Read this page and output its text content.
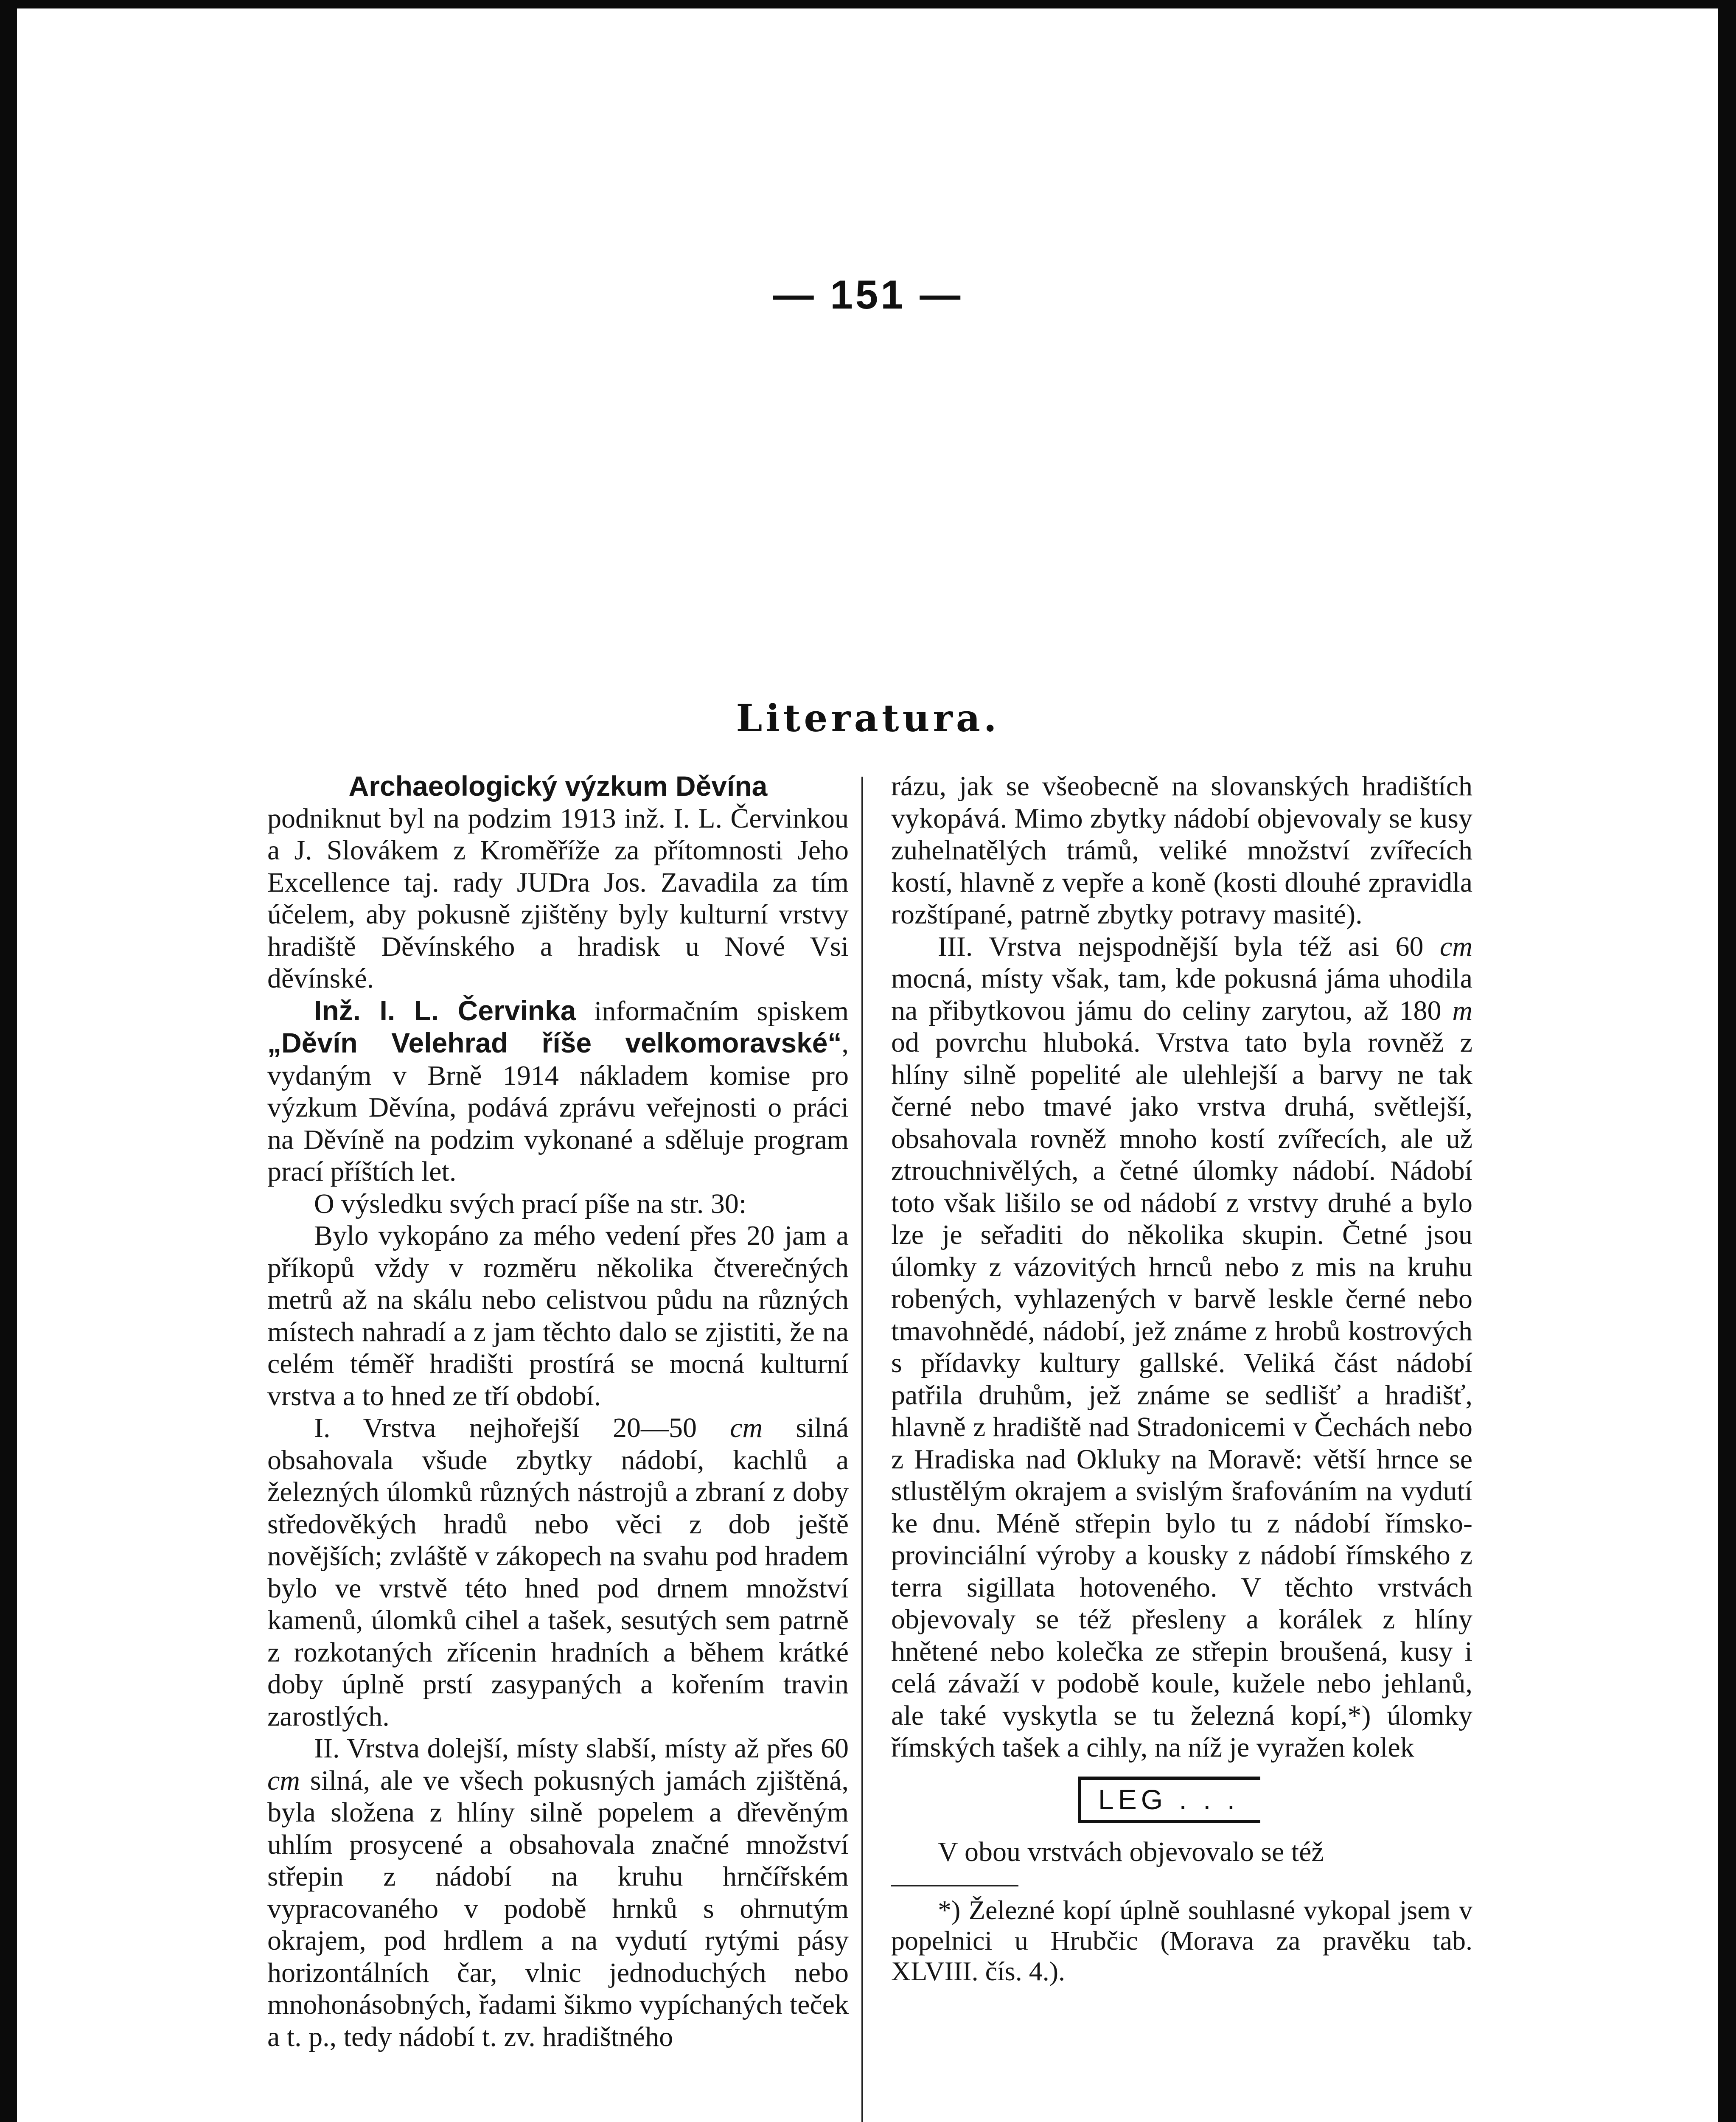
— 151 —
Literatura.

Archaeologický výzkum Děvína

podniknut byl na podzim 1913 inž. I. L. Červinkou a J. Slovákem z Kroměříže za přítomnosti Jeho Excellence taj. rady JUDra Jos. Zavadila za tím účelem, aby pokusně zjištěny byly kulturní vrstvy hradiště Děvínského a hradisk u Nové Vsi děvínské.

Inž. I. L. Červinka informačním spiskem „Děvín Velehrad říše velkomoravské“, vydaným v Brně 1914 nákladem komise pro výzkum Děvína, podává zprávu veřejnosti o práci na Děvíně na podzim vykonané a sděluje program prací příštích let.

O výsledku svých prací píše na str. 30:

Bylo vykopáno za mého vedení přes 20 jam a příkopů vždy v rozměru několika čtverečných metrů až na skálu nebo celistvou půdu na různých místech nahradí a z jam těchto dalo se zjistiti, že na celém téměř hradišti prostírá se mocná kulturní vrstva a to hned ze tří období.

I. Vrstva nejhořejší 20—50 cm silná obsahovala všude zbytky nádobí, kachlů a železných úlomků různých nástrojů a zbraní z doby středověkých hradů nebo věci z dob ještě novějších; zvláště v zákopech na svahu pod hradem bylo ve vrstvě této hned pod drnem množství kamenů, úlomků cihel a tašek, sesutých sem patrně z rozkotaných zřícenin hradních a během krátké doby úplně prstí zasypaných a kořením travin zarostlých.

II. Vrstva dolejší, místy slabší, místy až přes 60 cm silná, ale ve všech pokusných jamách zjištěná, byla složena z hlíny silně popelem a dřevěným uhlím prosycené a obsahovala značné množství střepin z nádobí na kruhu hrnčířském vypracovaného v podobě hrnků s ohrnutým okrajem, pod hrdlem a na vydutí rytými pásy horizontálních čar, vlnic jednoduchých nebo mnohonásobných, řadami šikmo vypíchaných teček a t. p., tedy nádobí t. zv. hradištného

rázu, jak se všeobecně na slovanských hradištích vykopává. Mimo zbytky nádobí objevovaly se kusy zuhelnatělých trámů, veliké množství zvířecích kostí, hlavně z vepře a koně (kosti dlouhé zpravidla rozštípané, patrně zbytky potravy masité).

III. Vrstva nejspodnější byla též asi 60 cm mocná, místy však, tam, kde pokusná jáma uhodila na přibytkovou jámu do celiny zarytou, až 180 m od povrchu hluboká. Vrstva tato byla rovněž z hlíny silně popelité ale ulehlejší a barvy ne tak černé nebo tmavé jako vrstva druhá, světlejší, obsahovala rovněž mnoho kostí zvířecích, ale už ztrouchnivělých, a četné úlomky nádobí. Nádobí toto však lišilo se od nádobí z vrstvy druhé a bylo lze je seřaditi do několika skupin. Četné jsou úlomky z vázovitých hrnců nebo z mis na kruhu robených, vyhlazených v barvě leskle černé nebo tmavohnědé, nádobí, jež známe z hrobů kostrových s přídavky kultury gallské. Veliká část nádobí patřila druhům, jež známe se sedlišť a hradišť, hlavně z hradiště nad Stradonicemi v Čechách nebo z Hradiska nad Okluky na Moravě: větší hrnce se stlustělým okrajem a svislým šrafováním na vydutí ke dnu. Méně střepin bylo tu z nádobí římsko-provinciální výroby a kousky z nádobí římského z terra sigillata hotoveného. V těchto vrstvách objevovaly se též přesleny a korálek z hlíny hnětené nebo kolečka ze střepin broušená, kusy i celá závaží v podobě koule, kužele nebo jehlanů, ale také vyskytla se tu železná kopí,*) úlomky římských tašek a cihly, na níž je vyražen kolek

LEG . . .

V obou vrstvách objevovalo se též

*) Železné kopí úplně souhlasné vykopal jsem v popelnici u Hrubčic (Morava za pravěku tab. XLVIII. čís. 4.).
